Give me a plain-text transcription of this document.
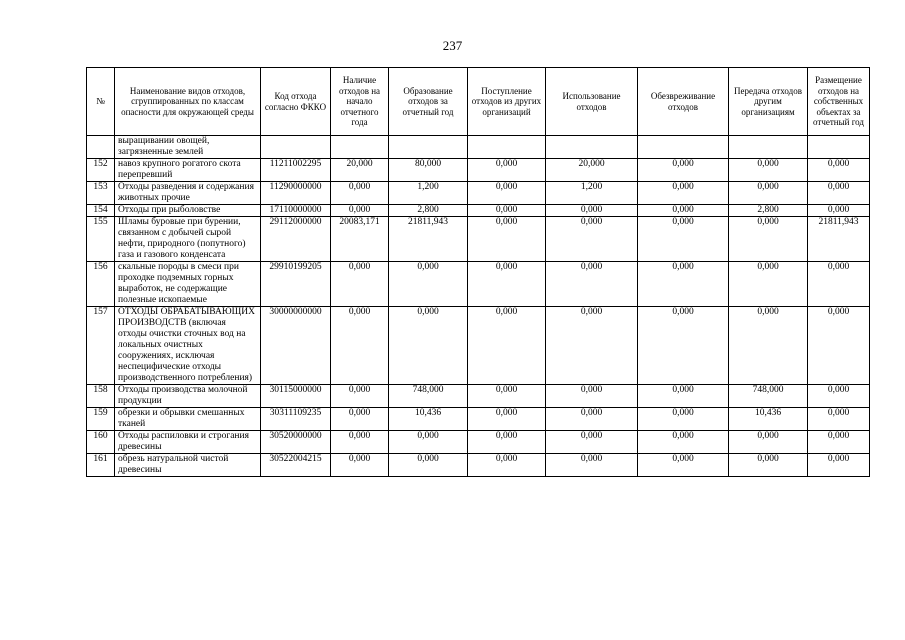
237
№	Наименование видов отходов, сгруппированных по классам опасности для окружающей среды	Код отхода согласно ФККО	Наличие отходов на начало отчетного года	Образование отходов за отчетный год	Поступление отходов из других организаций	Использование отходов	Обезвреживание отходов	Передача отходов другим организациям	Размещение отходов на собственных объектах за отчетный год
	выращивании овощей, загрязненные землей								
152	навоз крупного рогатого скота перепревший	11211002295	20,000	80,000	0,000	20,000	0,000	0,000	0,000
153	Отходы разведения и содержания животных прочие	11290000000	0,000	1,200	0,000	1,200	0,000	0,000	0,000
154	Отходы при рыболовстве	17110000000	0,000	2,800	0,000	0,000	0,000	2,800	0,000
155	Шламы буровые при бурении, связанном с добычей сырой нефти, природного (попутного) газа и газового конденсата	29112000000	20083,171	21811,943	0,000	0,000	0,000	0,000	21811,943
156	скальные породы в смеси при проходке подземных горных выработок, не содержащие полезные ископаемые	29910199205	0,000	0,000	0,000	0,000	0,000	0,000	0,000
157	ОТХОДЫ ОБРАБАТЫВАЮЩИХ ПРОИЗВОДСТВ (включая отходы очистки сточных вод на локальных очистных сооружениях, исключая неспецифические отходы производственного потребления)	30000000000	0,000	0,000	0,000	0,000	0,000	0,000	0,000
158	Отходы производства молочной продукции	30115000000	0,000	748,000	0,000	0,000	0,000	748,000	0,000
159	обрезки и обрывки смешанных тканей	30311109235	0,000	10,436	0,000	0,000	0,000	10,436	0,000
160	Отходы распиловки и строгания древесины	30520000000	0,000	0,000	0,000	0,000	0,000	0,000	0,000
161	обрезь натуральной чистой древесины	30522004215	0,000	0,000	0,000	0,000	0,000	0,000	0,000
